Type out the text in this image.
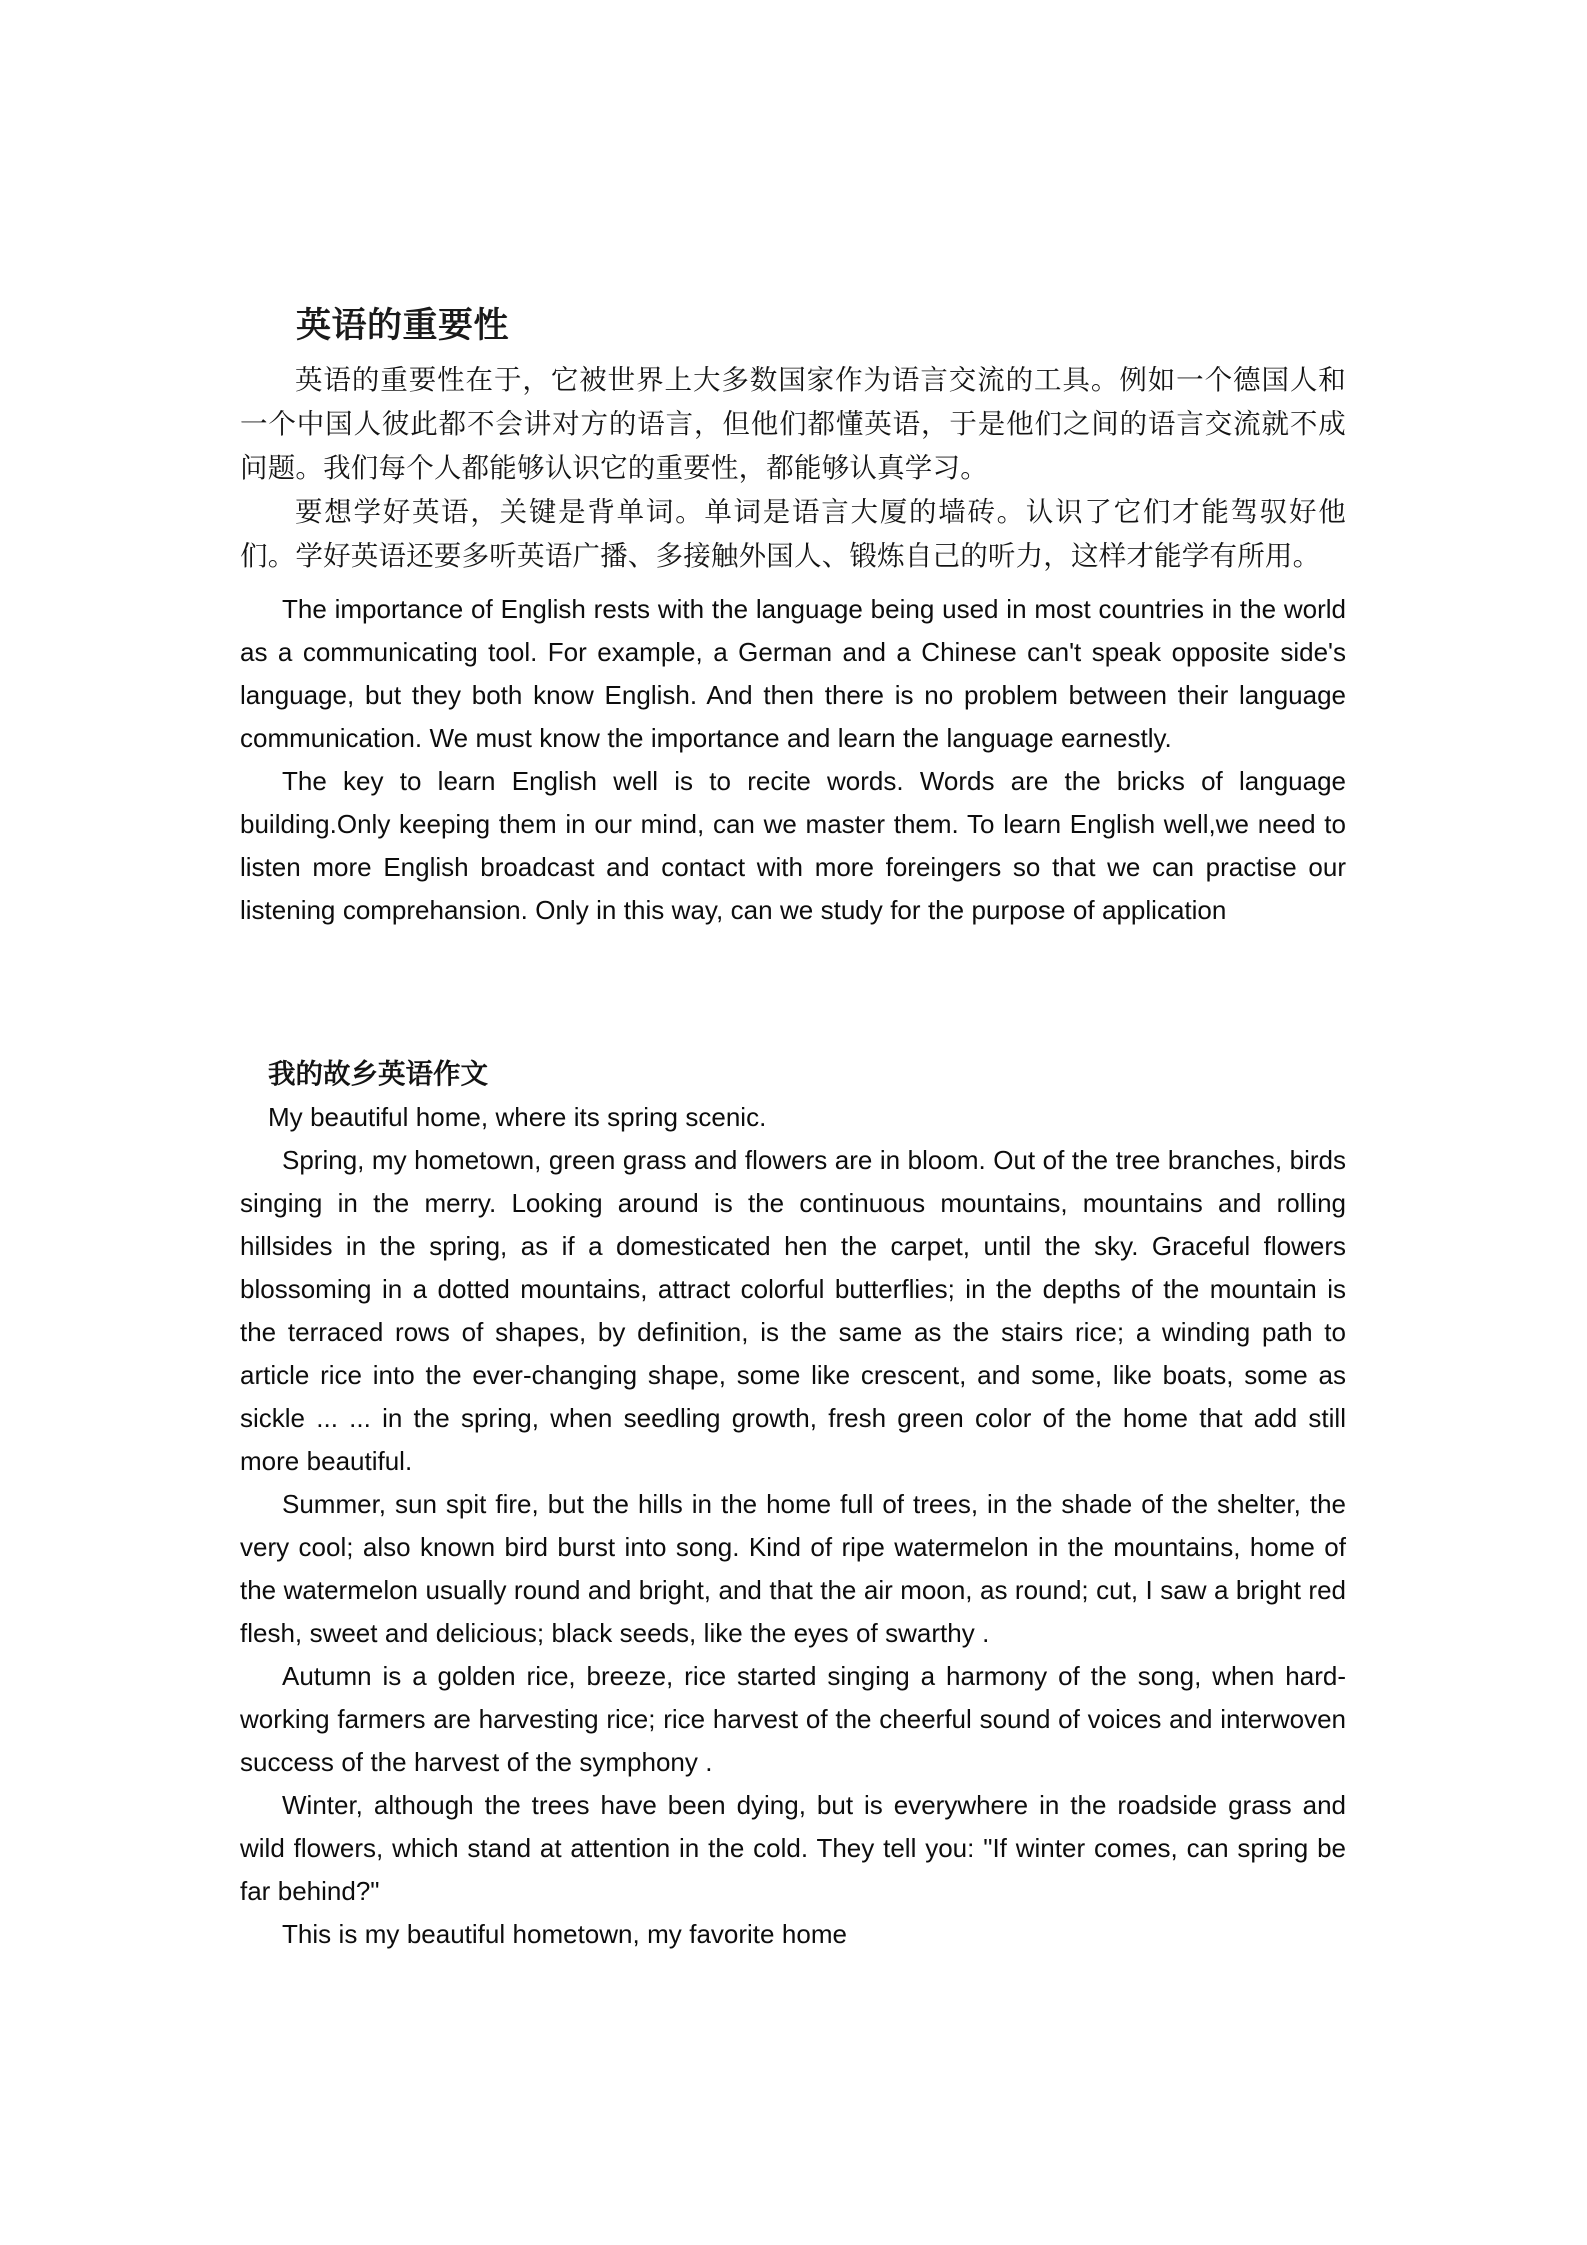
英语的重要性

英语的重要性在于，它被世界上大多数国家作为语言交流的工具。例如一个德国人和一个中国人彼此都不会讲对方的语言，但他们都懂英语，于是他们之间的语言交流就不成问题。我们每个人都能够认识它的重要性，都能够认真学习。

要想学好英语，关键是背单词。单词是语言大厦的墙砖。认识了它们才能驾驭好他们。学好英语还要多听英语广播、多接触外国人、锻炼自己的听力，这样才能学有所用。

The importance of English rests with the language being used in most countries in the world as a communicating tool. For example, a German and a Chinese can't speak opposite side's language, but they both know English. And then there is no problem between their language communication. We must know the importance and learn the language earnestly.

The key to learn English well is to recite words. Words are the bricks of language building.Only keeping them in our mind, can we master them. To learn English well,we need to listen more English broadcast and contact with more foreingers so that we can practise our listening comprehansion. Only in this way, can we study for the purpose of application

我的故乡英语作文

My beautiful home, where its spring scenic.

Spring, my hometown, green grass and flowers are in bloom. Out of the tree branches, birds singing in the merry. Looking around is the continuous mountains, mountains and rolling hillsides in the spring, as if a domesticated hen the carpet, until the sky. Graceful flowers blossoming in a dotted mountains, attract colorful butterflies; in the depths of the mountain is the terraced rows of shapes, by definition, is the same as the stairs rice; a winding path to article rice into the ever-changing shape, some like crescent, and some, like boats, some as sickle ... ... in the spring, when seedling growth, fresh green color of the home that add still more beautiful.

Summer, sun spit fire, but the hills in the home full of trees, in the shade of the shelter, the very cool; also known bird burst into song. Kind of ripe watermelon in the mountains, home of the watermelon usually round and bright, and that the air moon, as round; cut, I saw a bright red flesh, sweet and delicious; black seeds, like the eyes of swarthy .

Autumn is a golden rice, breeze, rice started singing a harmony of the song, when hard-working farmers are harvesting rice; rice harvest of the cheerful sound of voices and interwoven success of the harvest of the symphony .

Winter, although the trees have been dying, but is everywhere in the roadside grass and wild flowers, which stand at attention in the cold. They tell you: "If winter comes, can spring be far behind?"

This is my beautiful hometown, my favorite home
